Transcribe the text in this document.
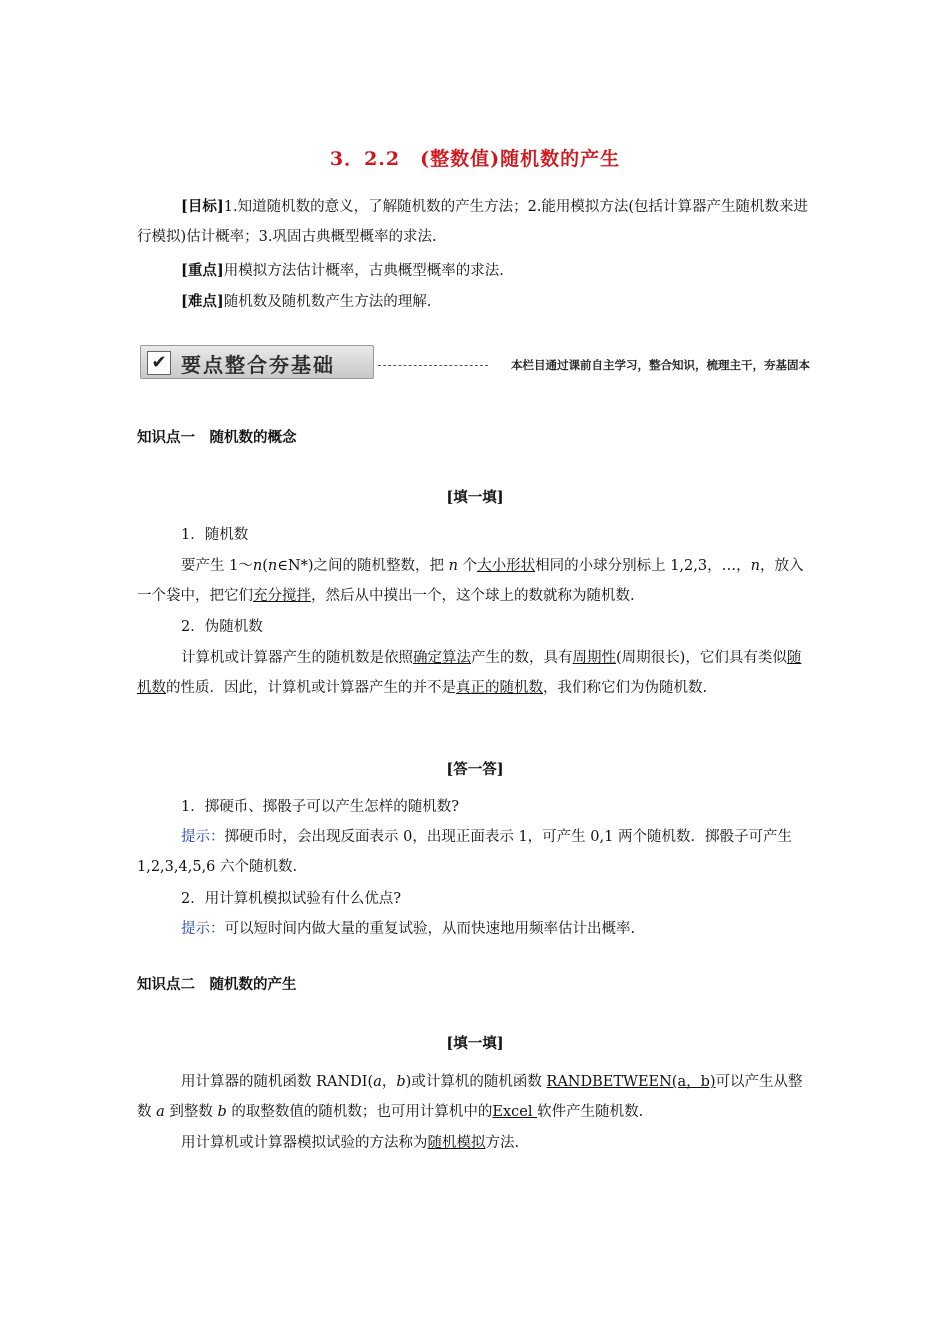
3．2.2　(整数值)随机数的产生

[目标]1.知道随机数的意义，了解随机数的产生方法；2.能用模拟方法(包括计算器产生随机数来进行模拟)估计概率；3.巩固古典概型概率的求法.

[重点]用模拟方法估计概率，古典概型概率的求法.

[难点]随机数及随机数产生方法的理解.

✔ 要点整合夯基础	本栏目通过课前自主学习，整合知识，梳理主干，夯基固本
知识点一　随机数的概念
[填一填]

1．随机数

要产生 1～n(n∈N*)之间的随机整数，把 n 个大小形状相同的小球分别标上 1,2,3，…，n，放入一个袋中，把它们充分搅拌，然后从中摸出一个，这个球上的数就称为随机数.

2．伪随机数

计算机或计算器产生的随机数是依照确定算法产生的数，具有周期性(周期很长)，它们具有类似随机数的性质．因此，计算机或计算器产生的并不是真正的随机数，我们称它们为伪随机数.

[答一答]

1．掷硬币、掷骰子可以产生怎样的随机数?

提示：掷硬币时，会出现反面表示 0，出现正面表示 1，可产生 0,1 两个随机数．掷骰子可产生 1,2,3,4,5,6 六个随机数.

2．用计算机模拟试验有什么优点?

提示：可以短时间内做大量的重复试验，从而快速地用频率估计出概率.

知识点二　随机数的产生
[填一填]

用计算器的随机函数 RANDI(a，b)或计算机的随机函数 RANDBETWEEN(a，b)可以产生从整数 a 到整数 b 的取整数值的随机数；也可用计算机中的Excel 软件产生随机数.

用计算机或计算器模拟试验的方法称为随机模拟方法.
